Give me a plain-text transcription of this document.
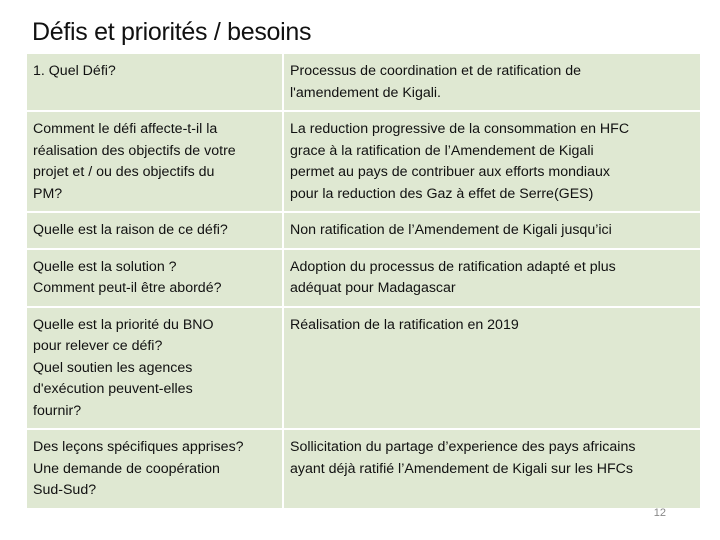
Défis et priorités / besoins
1. Quel Défi?	Processus de coordination et de ratification de
l'amendement de Kigali.

Comment le défi affecte-t-il la
réalisation des objectifs de votre
projet et / ou des objectifs du
PM?	La reduction progressive de la consommation en HFC
grace à la ratification de l’Amendement de Kigali
permet au pays de contribuer aux efforts mondiaux
pour la reduction des Gaz à effet de Serre(GES)

Quelle est la raison de ce défi?	Non ratification de l’Amendement de Kigali jusqu’ici

Quelle est la solution ?
Comment peut-il être abordé?	Adoption du processus de ratification adapté et plus
adéquat pour Madagascar

Quelle est la priorité du BNO
pour relever ce défi?
Quel soutien les agences
d'exécution peuvent-elles
fournir?	Réalisation de la ratification en 2019

Des leçons spécifiques apprises?
Une demande de coopération
Sud-Sud?	Sollicitation du partage d’experience des pays africains
ayant déjà ratifié l’Amendement de Kigali sur les HFCs
12
